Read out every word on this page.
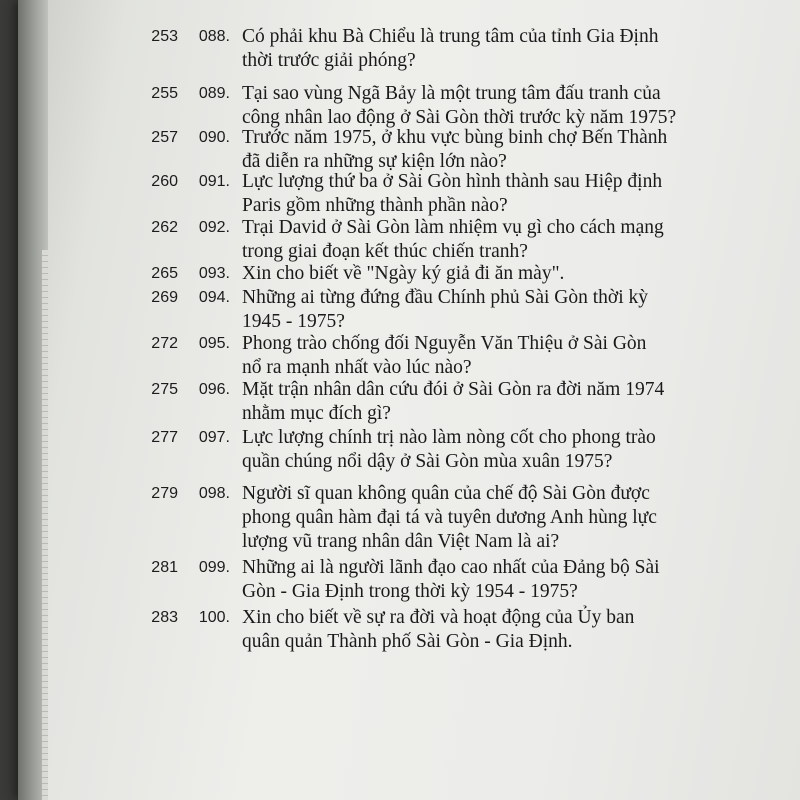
253	088. Có phải khu Bà Chiểu là trung tâm của tỉnh Gia Định
thời trước giải phóng?
255	089. Tại sao vùng Ngã Bảy là một trung tâm đấu tranh của
công nhân lao động ở Sài Gòn thời trước kỳ năm 1975?
257	090. Trước năm 1975, ở khu vực bùng binh chợ Bến Thành
đã diễn ra những sự kiện lớn nào?
260	091. Lực lượng thứ ba ở Sài Gòn hình thành sau Hiệp định
Paris gồm những thành phần nào?
262	092. Trại David ở Sài Gòn làm nhiệm vụ gì cho cách mạng
trong giai đoạn kết thúc chiến tranh?
265	093. Xin cho biết về "Ngày ký giả đi ăn mày".
269	094. Những ai từng đứng đầu Chính phủ Sài Gòn thời kỳ
1945 - 1975?
272	095. Phong trào chống đối Nguyễn Văn Thiệu ở Sài Gòn
nổ ra mạnh nhất vào lúc nào?
275	096. Mặt trận nhân dân cứu đói ở Sài Gòn ra đời năm 1974
nhằm mục đích gì?
277	097. Lực lượng chính trị nào làm nòng cốt cho phong trào
quần chúng nổi dậy ở Sài Gòn mùa xuân 1975?
279	098. Người sĩ quan không quân của chế độ Sài Gòn được
phong quân hàm đại tá và tuyên dương Anh hùng lực
lượng vũ trang nhân dân Việt Nam là ai?
281	099. Những ai là người lãnh đạo cao nhất của Đảng bộ Sài
Gòn - Gia Định trong thời kỳ 1954 - 1975?
283	100. Xin cho biết về sự ra đời và hoạt động của Ủy ban
quân quản Thành phố Sài Gòn - Gia Định.
